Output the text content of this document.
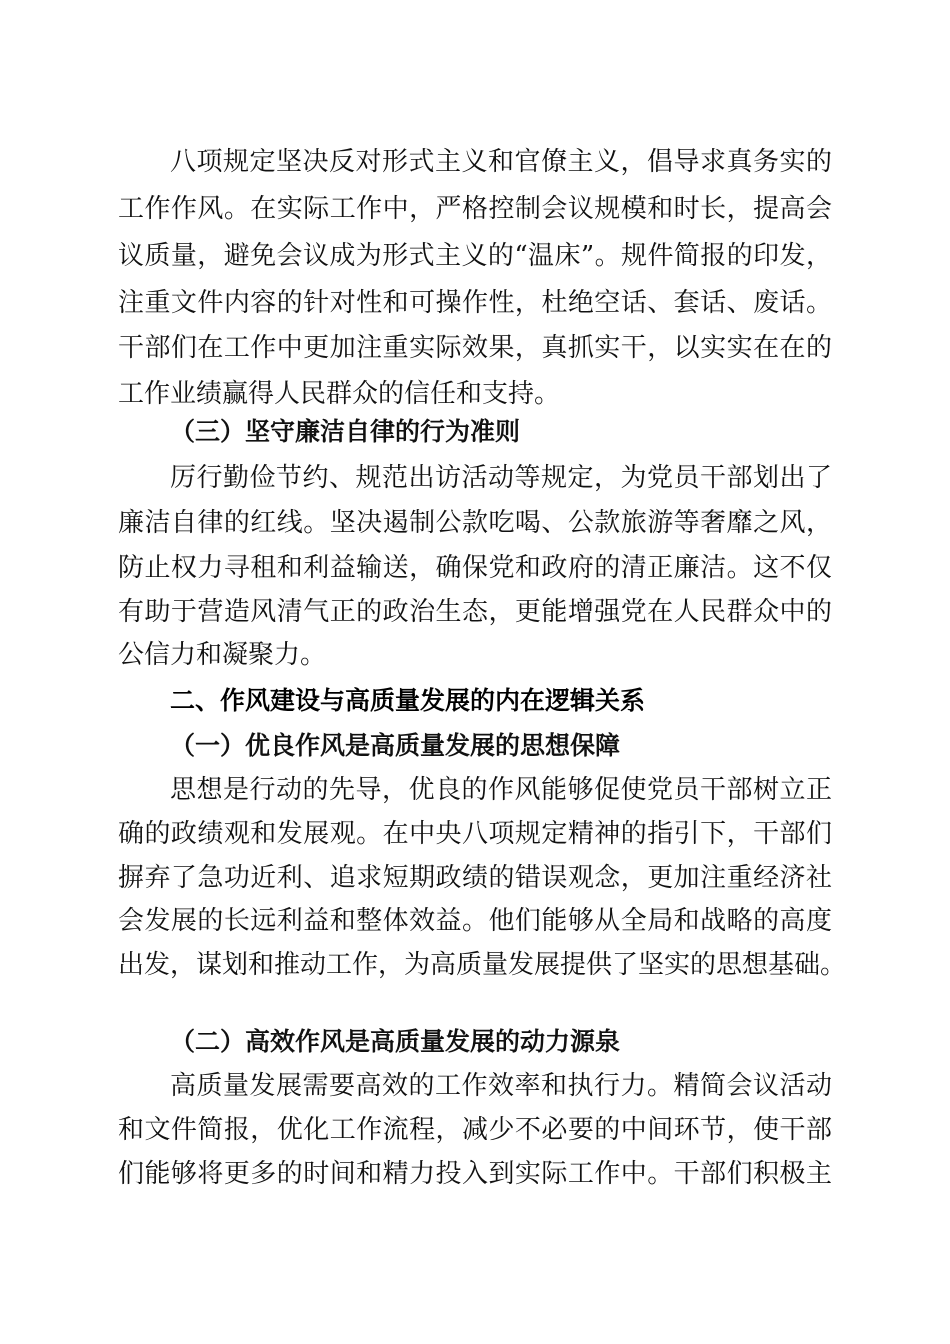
八项规定坚决反对形式主义和官僚主义，倡导求真务实的
工作作风。在实际工作中，严格控制会议规模和时长，提高会
议质量，避免会议成为形式主义的“温床”。规件简报的印发，
注重文件内容的针对性和可操作性，杜绝空话、套话、废话。
干部们在工作中更加注重实际效果，真抓实干，以实实在在的
工作业绩赢得人民群众的信任和支持。
（三）坚守廉洁自律的行为准则
厉行勤俭节约、规范出访活动等规定，为党员干部划出了
廉洁自律的红线。坚决遏制公款吃喝、公款旅游等奢靡之风，
防止权力寻租和利益输送，确保党和政府的清正廉洁。这不仅
有助于营造风清气正的政治生态，更能增强党在人民群众中的
公信力和凝聚力。
二、作风建设与高质量发展的内在逻辑关系
（一）优良作风是高质量发展的思想保障
思想是行动的先导，优良的作风能够促使党员干部树立正
确的政绩观和发展观。在中央八项规定精神的指引下，干部们
摒弃了急功近利、追求短期政绩的错误观念，更加注重经济社
会发展的长远利益和整体效益。他们能够从全局和战略的高度
出发，谋划和推动工作，为高质量发展提供了坚实的思想基础。
（二）高效作风是高质量发展的动力源泉
高质量发展需要高效的工作效率和执行力。精简会议活动
和文件简报，优化工作流程，减少不必要的中间环节，使干部
们能够将更多的时间和精力投入到实际工作中。干部们积极主
